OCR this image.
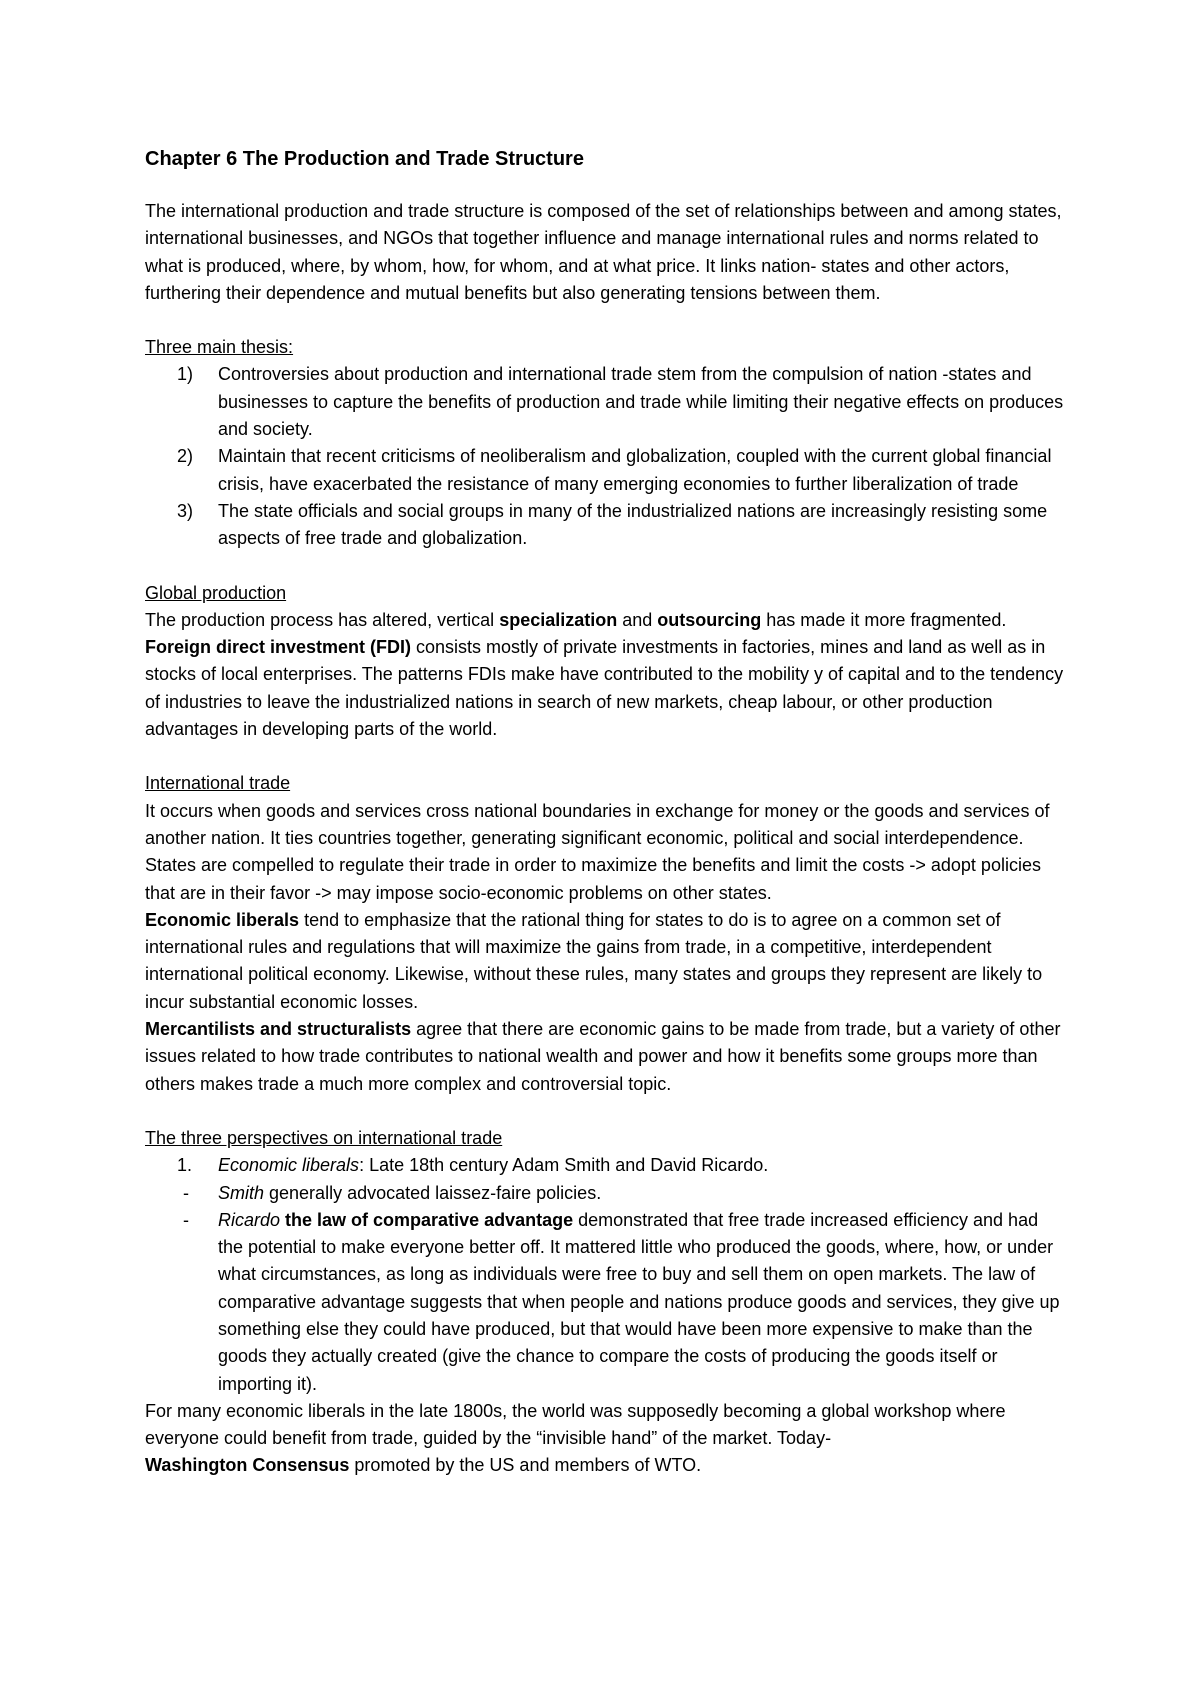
Chapter 6 The Production and Trade Structure

The international production and trade structure is composed of the set of relationships between and among states, international businesses, and NGOs that together influence and manage international rules and norms related to what is produced, where, by whom, how, for whom, and at what price. It links nation- states and other actors, furthering their dependence and mutual benefits but also generating tensions between them.

Three main thesis:

1) Controversies about production and international trade stem from the compulsion of nation -states and businesses to capture the benefits of production and trade while limiting their negative effects on produces and society.
2) Maintain that recent criticisms of neoliberalism and globalization, coupled with the current global financial crisis, have exacerbated the resistance of many emerging economies to further liberalization of trade
3) The state officials and social groups in many of the industrialized nations are increasingly resisting some aspects of free trade and globalization.

Global production

The production process has altered, vertical specialization and outsourcing has made it more fragmented. Foreign direct investment (FDI) consists mostly of private investments in factories, mines and land as well as in stocks of local enterprises. The patterns FDIs make have contributed to the mobility y of capital and to the tendency of industries to leave the industrialized nations in search of new markets, cheap labour, or other production advantages in developing parts of the world.

International trade

It occurs when goods and services cross national boundaries in exchange for money or the goods and services of another nation. It ties countries together, generating significant economic, political and social interdependence. States are compelled to regulate their trade in order to maximize the benefits and limit the costs -> adopt policies that are in their favor -> may impose socio-economic problems on other states.

Economic liberals tend to emphasize that the rational thing for states to do is to agree on a common set of international rules and regulations that will maximize the gains from trade, in a competitive, interdependent international political economy. Likewise, without these rules, many states and groups they represent are likely to incur substantial economic losses.

Mercantilists and structuralists agree that there are economic gains to be made from trade, but a variety of other issues related to how trade contributes to national wealth and power and how it benefits some groups more than others makes trade a much more complex and controversial topic.

The three perspectives on international trade

1. Economic liberals: Late 18th century Adam Smith and David Ricardo.
- Smith generally advocated laissez-faire policies.
- Ricardo the law of comparative advantage demonstrated that free trade increased efficiency and had the potential to make everyone better off. It mattered little who produced the goods, where, how, or under what circumstances, as long as individuals were free to buy and sell them on open markets. The law of comparative advantage suggests that when people and nations produce goods and services, they give up something else they could have produced, but that would have been more expensive to make than the goods they actually created (give the chance to compare the costs of producing the goods itself or importing it).

For many economic liberals in the late 1800s, the world was supposedly becoming a global workshop where everyone could benefit from trade, guided by the “invisible hand” of the market. Today-
Washington Consensus promoted by the US and members of WTO.
